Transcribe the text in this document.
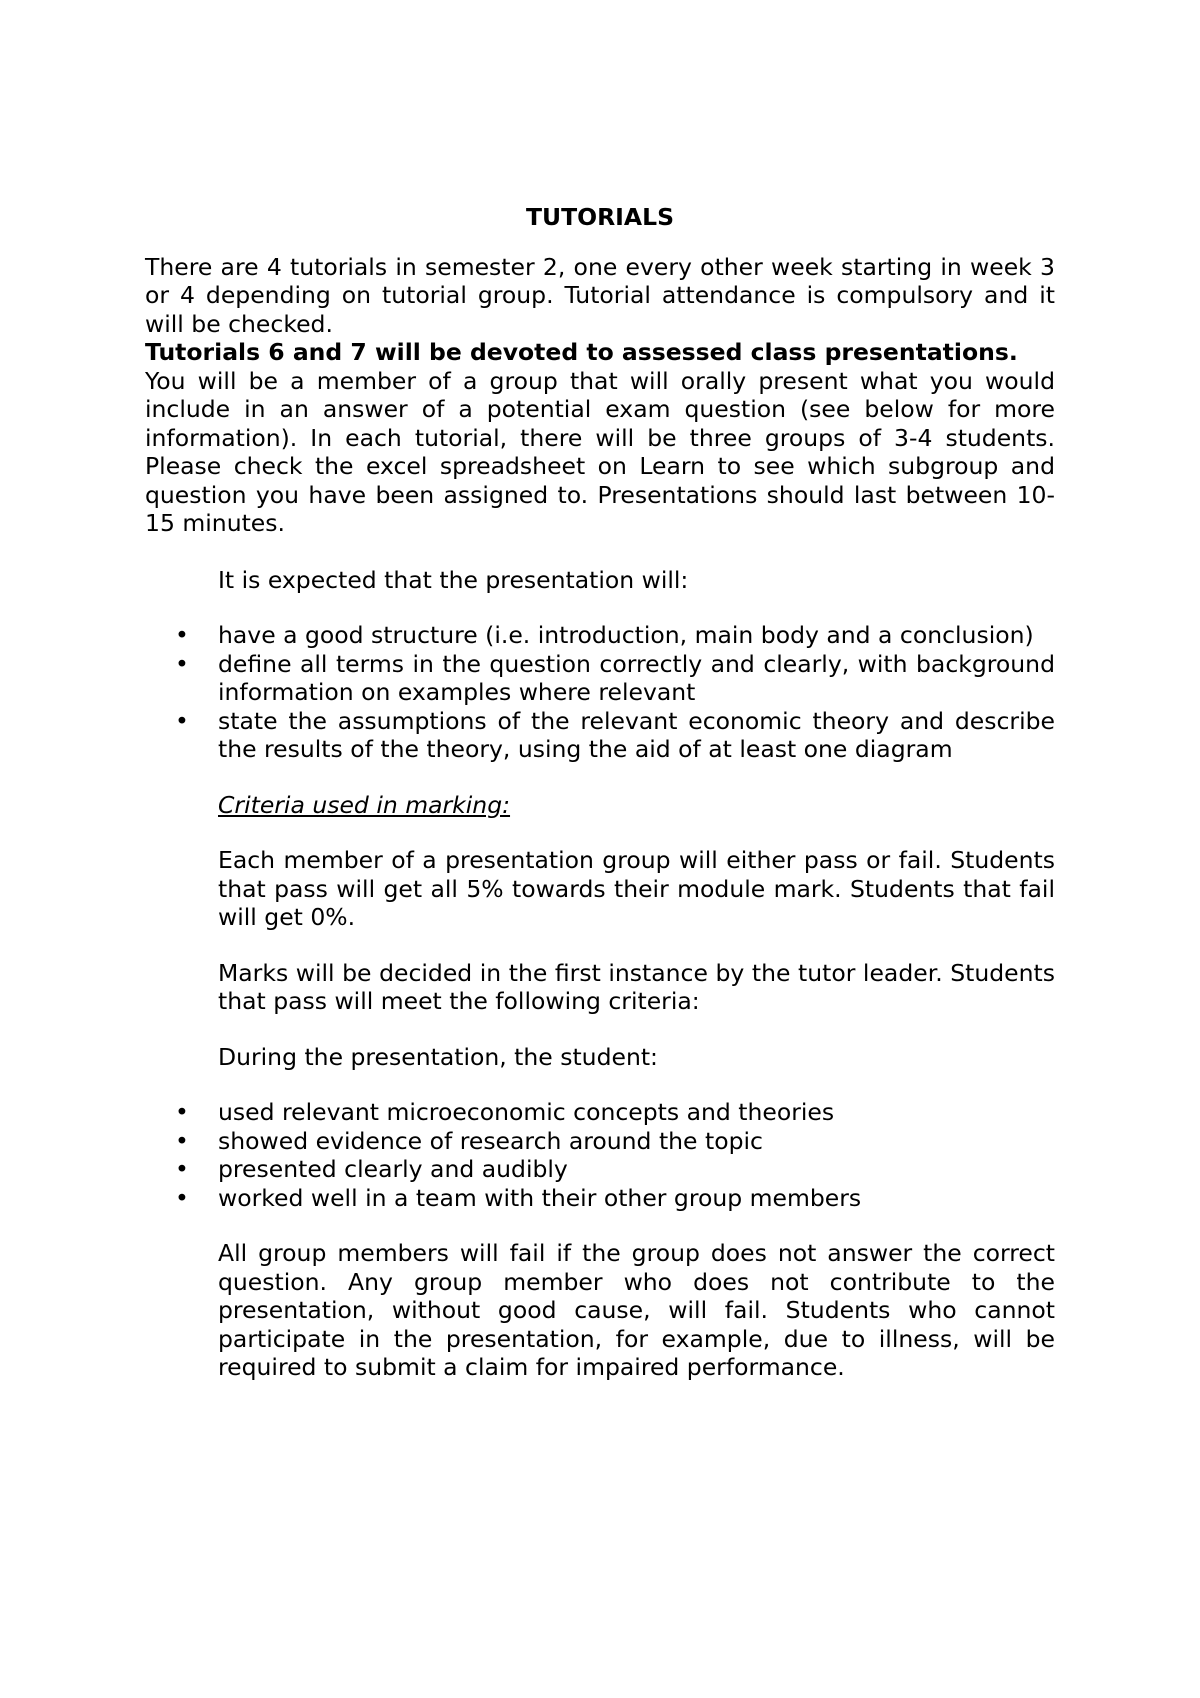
TUTORIALS

There are 4 tutorials in semester 2, one every other week starting in week 3 or 4 depending on tutorial group. Tutorial attendance is compulsory and it will be checked.

Tutorials 6 and 7 will be devoted to assessed class presentations.

You will be a member of a group that will orally present what you would include in an answer of a potential exam question (see below for more information). In each tutorial, there will be three groups of 3-4 students. Please check the excel spreadsheet on Learn to see which subgroup and question you have been assigned to. Presentations should last between 10-15 minutes.

It is expected that the presentation will:

• have a good structure (i.e. introduction, main body and a conclusion)
• define all terms in the question correctly and clearly, with background information on examples where relevant
• state the assumptions of the relevant economic theory and describe the results of the theory, using the aid of at least one diagram

Criteria used in marking:

Each member of a presentation group will either pass or fail. Students that pass will get all 5% towards their module mark. Students that fail will get 0%.

Marks will be decided in the first instance by the tutor leader. Students that pass will meet the following criteria:

During the presentation, the student:

• used relevant microeconomic concepts and theories
• showed evidence of research around the topic
• presented clearly and audibly
• worked well in a team with their other group members

All group members will fail if the group does not answer the correct question. Any group member who does not contribute to the presentation, without good cause, will fail. Students who cannot participate in the presentation, for example, due to illness, will be required to submit a claim for impaired performance.
